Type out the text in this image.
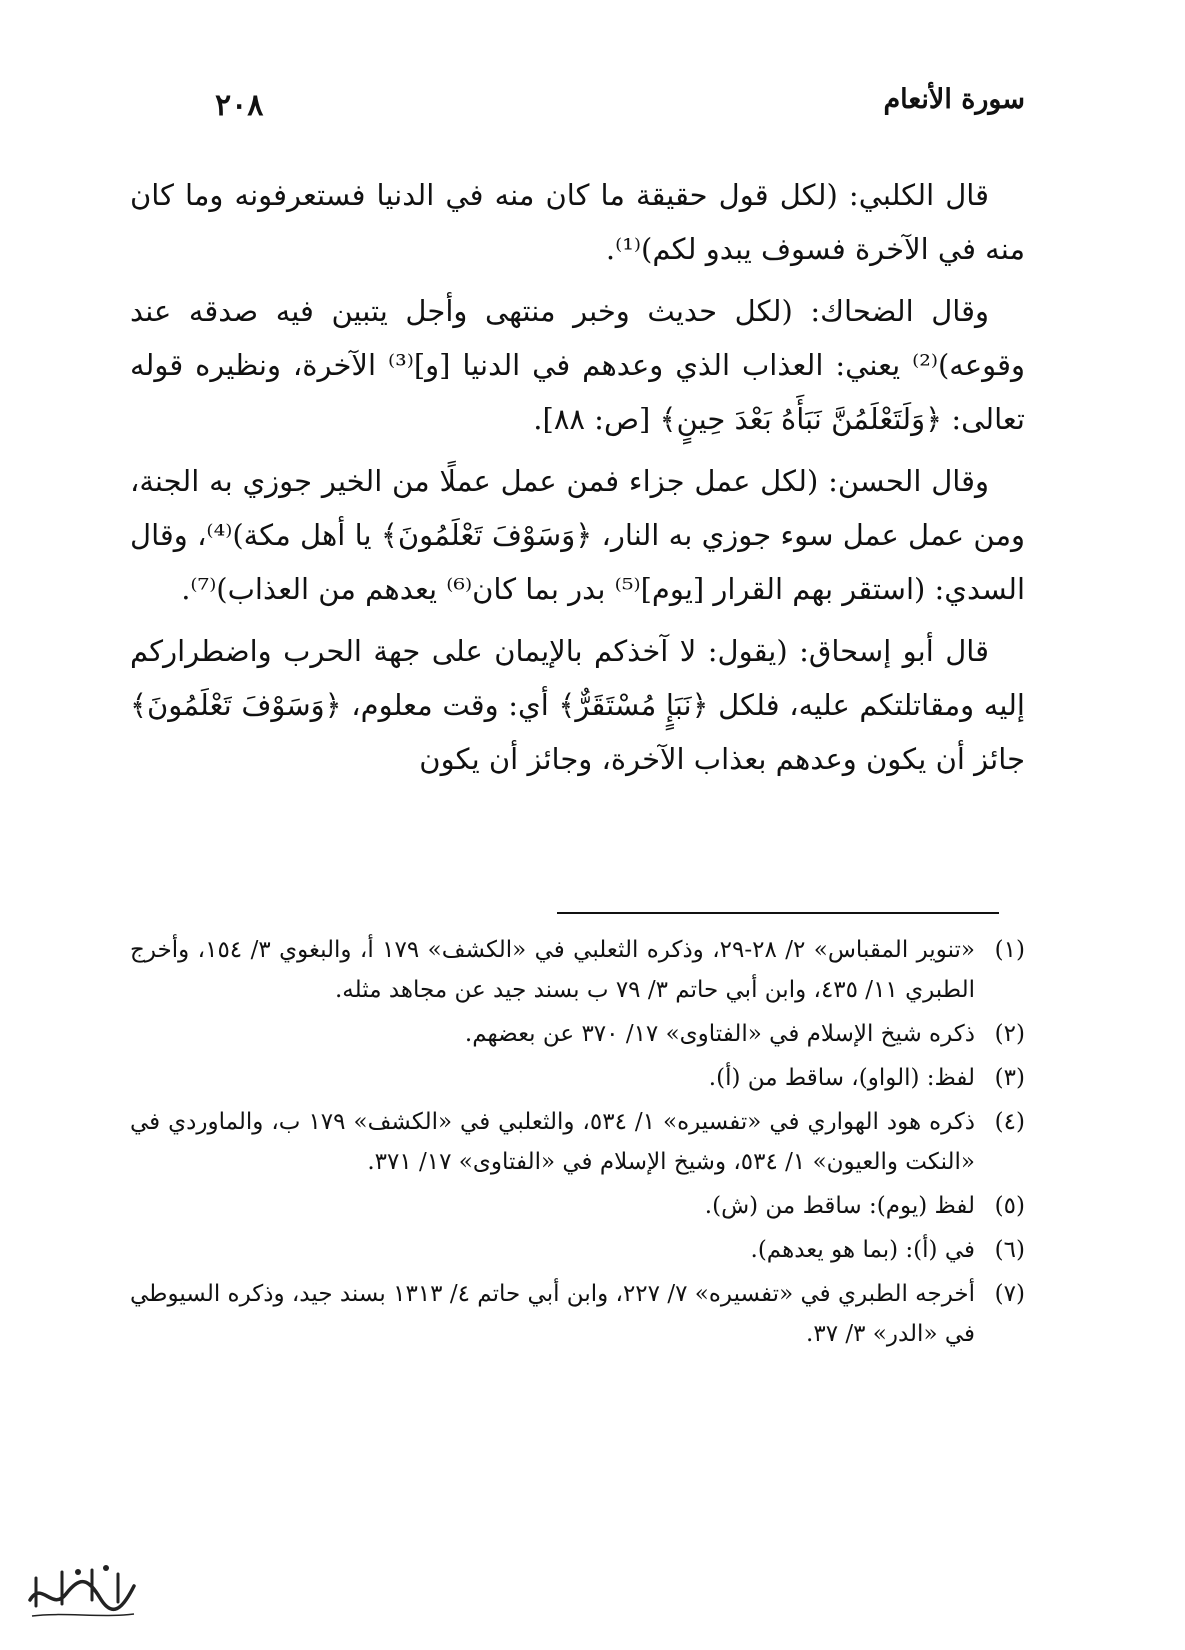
سورة الأنعام
٢٠٨

قال الكلبي: (لكل قول حقيقة ما كان منه في الدنيا فستعرفونه وما كان منه في الآخرة فسوف يبدو لكم)⁽¹⁾.

وقال الضحاك: (لكل حديث وخبر منتهى وأجل يتبين فيه صدقه عند وقوعه)⁽²⁾ يعني: العذاب الذي وعدهم في الدنيا [و]⁽³⁾ الآخرة، ونظيره قوله تعالى: ﴿وَلَتَعْلَمُنَّ نَبَأَهُ بَعْدَ حِينٍ﴾ [ص: ٨٨].

وقال الحسن: (لكل عمل جزاء فمن عمل عملًا من الخير جوزي به الجنة، ومن عمل عمل سوء جوزي به النار، ﴿وَسَوْفَ تَعْلَمُونَ﴾ يا أهل مكة)⁽⁴⁾، وقال السدي: (استقر بهم القرار [يوم]⁽⁵⁾ بدر بما كان⁽⁶⁾ يعدهم من العذاب)⁽⁷⁾.

قال أبو إسحاق: (يقول: لا آخذكم بالإيمان على جهة الحرب واضطراركم إليه ومقاتلتكم عليه، فلكل ﴿نَبَإٍ مُسْتَقَرٌّ﴾ أي: وقت معلوم، ﴿وَسَوْفَ تَعْلَمُونَ﴾ جائز أن يكون وعدهم بعذاب الآخرة، وجائز أن يكون

(١)
«تنوير المقباس» ٢/ ٢٨-٢٩، وذكره الثعلبي في «الكشف» ١٧٩ أ، والبغوي ٣/ ١٥٤، وأخرج الطبري ١١/ ٤٣٥، وابن أبي حاتم ٣/ ٧٩ ب بسند جيد عن مجاهد مثله.
(٢)
ذكره شيخ الإسلام في «الفتاوى» ١٧/ ٣٧٠ عن بعضهم.
(٣)
لفظ: (الواو)، ساقط من (أ).
(٤)
ذكره هود الهواري في «تفسيره» ١/ ٥٣٤، والثعلبي في «الكشف» ١٧٩ ب، والماوردي في «النكت والعيون» ١/ ٥٣٤، وشيخ الإسلام في «الفتاوى» ١٧/ ٣٧١.
(٥)
لفظ (يوم): ساقط من (ش).
(٦)
في (أ): (بما هو يعدهم).
(٧)
أخرجه الطبري في «تفسيره» ٧/ ٢٢٧، وابن أبي حاتم ٤/ ١٣١٣ بسند جيد، وذكره السيوطي في «الدر» ٣/ ٣٧.
